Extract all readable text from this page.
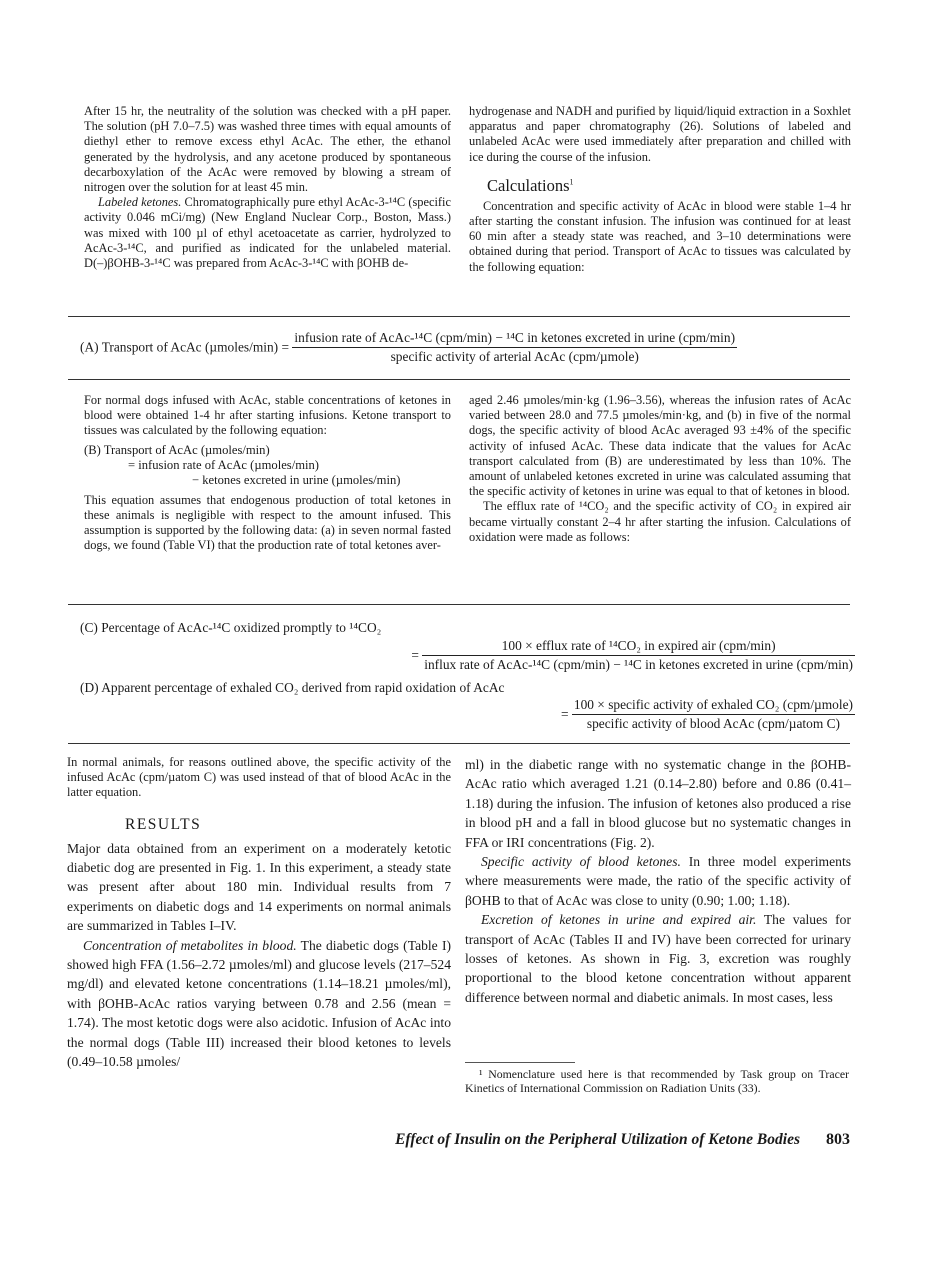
After 15 hr, the neutrality of the solution was checked with a pH paper. The solution (pH 7.0–7.5) was washed three times with equal amounts of diethyl ether to remove excess ethyl AcAc. The ether, the ethanol generated by the hydrolysis, and any acetone produced by spontaneous decarboxylation of the AcAc were removed by blowing a stream of nitrogen over the solution for at least 45 min.

Labeled ketones. Chromatographically pure ethyl AcAc-3-¹⁴C (specific activity 0.046 mCi/mg) (New England Nuclear Corp., Boston, Mass.) was mixed with 100 µl of ethyl acetoacetate as carrier, hydrolyzed to AcAc-3-¹⁴C, and purified as indicated for the unlabeled material. D(–)βOHB-3-¹⁴C was prepared from AcAc-3-¹⁴C with βOHB de-

hydrogenase and NADH and purified by liquid/liquid extraction in a Soxhlet apparatus and paper chromatography (26). Solutions of labeled and unlabeled AcAc were used immediately after preparation and chilled with ice during the course of the infusion.

Calculations$^1$

Concentration and specific activity of AcAc in blood were stable 1–4 hr after starting the constant infusion. The infusion was continued for at least 60 min after a steady state was reached, and 3–10 determinations were obtained during that period. Transport of AcAc to tissues was calculated by the following equation:

(A) Transport of AcAc (µmoles/min) =
infusion rate of AcAc-¹⁴C (cpm/min) − ¹⁴C in ketones excreted in urine (cpm/min)
specific activity of arterial AcAc (cpm/µmole)

For normal dogs infused with AcAc, stable concentrations of ketones in blood were obtained 1-4 hr after starting infusions. Ketone transport to tissues was calculated by the following equation:

(B) Transport of AcAc (µmoles/min)
= infusion rate of AcAc (µmoles/min)
− ketones excreted in urine (µmoles/min)

This equation assumes that endogenous production of total ketones in these animals is negligible with respect to the amount infused. This assumption is supported by the following data: (a) in seven normal fasted dogs, we found (Table VI) that the production rate of total ketones aver-

aged 2.46 µmoles/min·kg (1.96–3.56), whereas the infusion rates of AcAc varied between 28.0 and 77.5 µmoles/min·kg, and (b) in five of the normal dogs, the specific activity of blood AcAc averaged 93 ±4% of the specific activity of infused AcAc. These data indicate that the values for AcAc transport calculated from (B) are underestimated by less than 10%. The amount of unlabeled ketones excreted in urine was calculated assuming that the specific activity of ketones in urine was equal to that of ketones in blood.

The efflux rate of ¹⁴CO₂ and the specific activity of CO₂ in expired air became virtually constant 2–4 hr after starting the infusion. Calculations of oxidation were made as follows:

(C) Percentage of AcAc-¹⁴C oxidized promptly to ¹⁴CO₂
=
100 × efflux rate of ¹⁴CO₂ in expired air (cpm/min)
influx rate of AcAc-¹⁴C (cpm/min) − ¹⁴C in ketones excreted in urine (cpm/min)
(D) Apparent percentage of exhaled CO₂ derived from rapid oxidation of AcAc
= $\frac{\text{100 × specific activity of exhaled CO₂ (cpm/µmole)}}{\text{specific activity of blood AcAc (cpm/µatom C)}}$

In normal animals, for reasons outlined above, the specific activity of the infused AcAc (cpm/µatom C) was used instead of that of blood AcAc in the latter equation.

RESULTS

Major data obtained from an experiment on a moderately ketotic diabetic dog are presented in Fig. 1. In this experiment, a steady state was present after about 180 min. Individual results from 7 experiments on diabetic dogs and 14 experiments on normal animals are summarized in Tables I–IV.

Concentration of metabolites in blood. The diabetic dogs (Table I) showed high FFA (1.56–2.72 µmoles/ml) and glucose levels (217–524 mg/dl) and elevated ketone concentrations (1.14–18.21 µmoles/ml), with βOHB-AcAc ratios varying between 0.78 and 2.56 (mean = 1.74). The most ketotic dogs were also acidotic. Infusion of AcAc into the normal dogs (Table III) increased their blood ketones to levels (0.49–10.58 µmoles/

ml) in the diabetic range with no systematic change in the βOHB-AcAc ratio which averaged 1.21 (0.14–2.80) before and 0.86 (0.41–1.18) during the infusion. The infusion of ketones also produced a rise in blood pH and a fall in blood glucose but no systematic changes in FFA or IRI concentrations (Fig. 2).

Specific activity of blood ketones. In three model experiments where measurements were made, the ratio of the specific activity of βOHB to that of AcAc was close to unity (0.90; 1.00; 1.18).

Excretion of ketones in urine and expired air. The values for transport of AcAc (Tables II and IV) have been corrected for urinary losses of ketones. As shown in Fig. 3, excretion was roughly proportional to the blood ketone concentration without apparent difference between normal and diabetic animals. In most cases, less

¹ Nomenclature used here is that recommended by Task group on Tracer Kinetics of International Commission on Radiation Units (33).

Effect of Insulin on the Peripheral Utilization of Ketone Bodies 803
